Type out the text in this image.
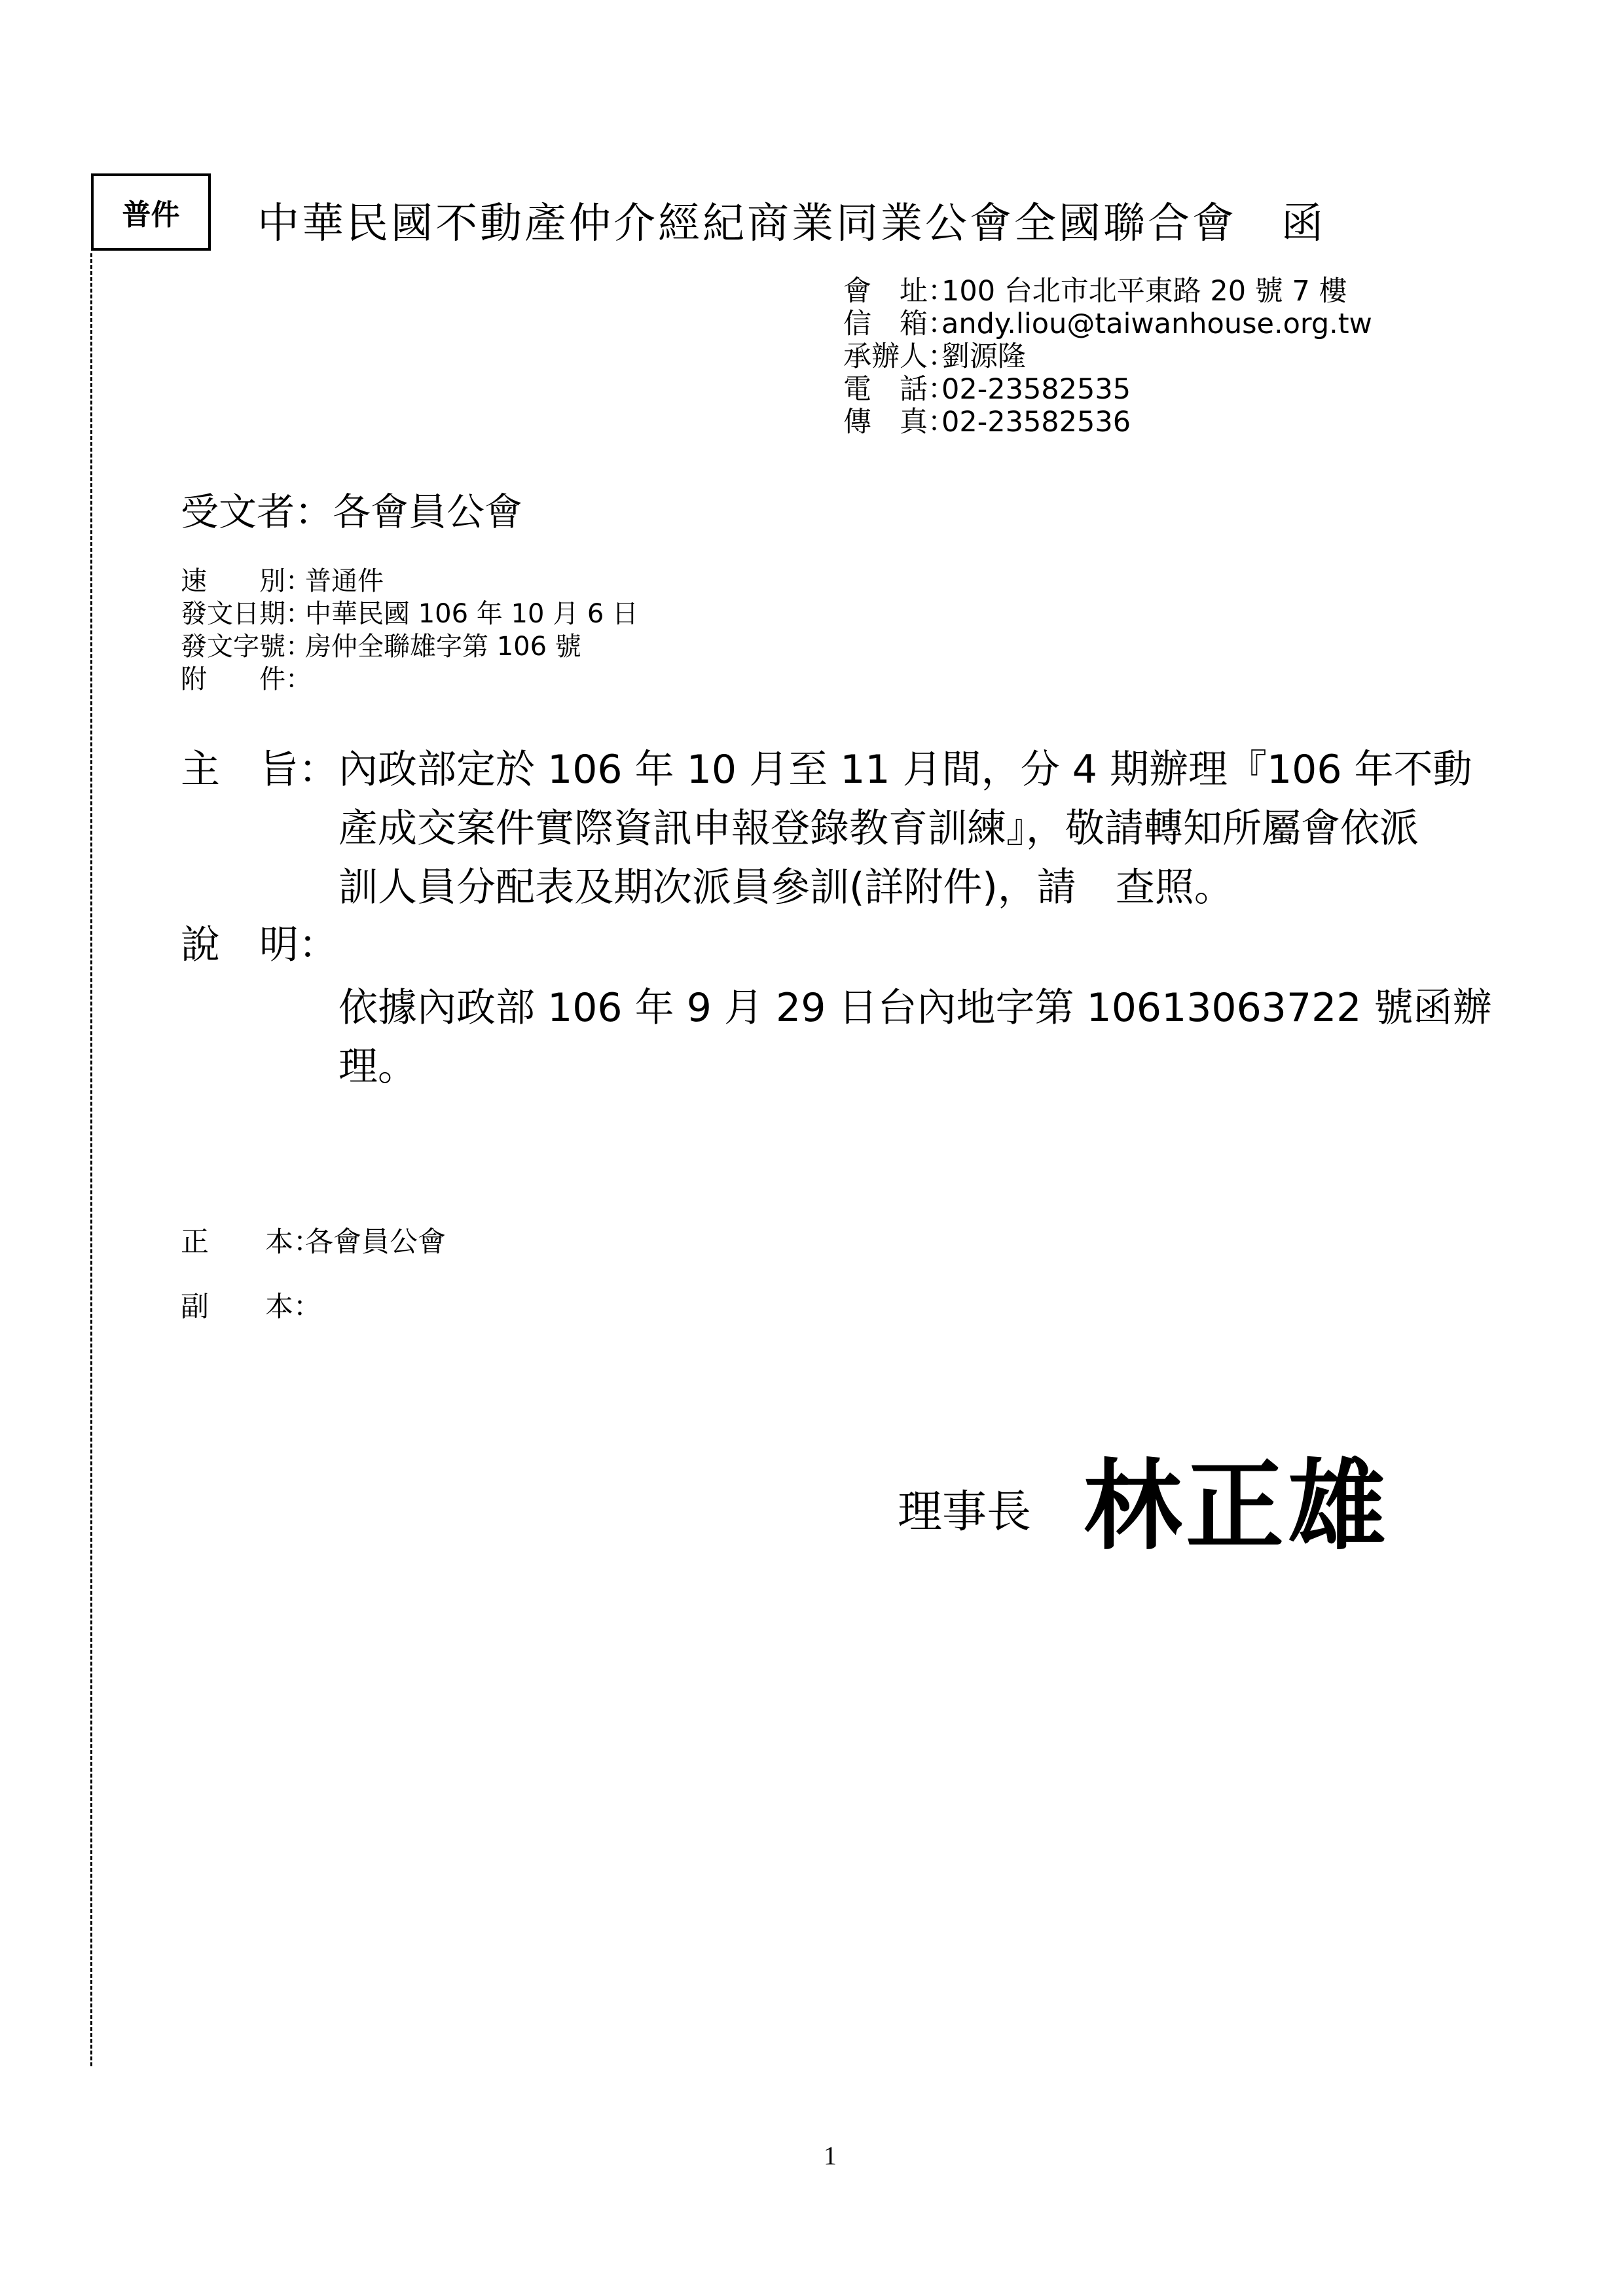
普件	中華民國不動產仲介經紀商業同業公會全國聯合會　函
會　址：100 台北市北平東路 20 號 7 樓
信　箱：andy.liou@taiwanhouse.org.tw
承辦人：劉源隆
電　話：02-23582535
傳　真：02-23582536
受文者：各會員公會
速　　別：普通件
發文日期：中華民國 106 年 10 月 6 日
發文字號：房仲全聯雄字第 106 號
附　　件：
主　旨： 內政部定於 106 年 10 月至 11 月間，分 4 期辦理『106 年不動
產成交案件實際資訊申報登錄教育訓練』，敬請轉知所屬會依派
訓人員分配表及期次派員參訓(詳附件)，請　查照。
說　明：
依據內政部 106 年 9 月 29 日台內地字第 10613063722 號函辦
理。
正　　本：各會員公會
副　　本：
理事長 林正雄
1
